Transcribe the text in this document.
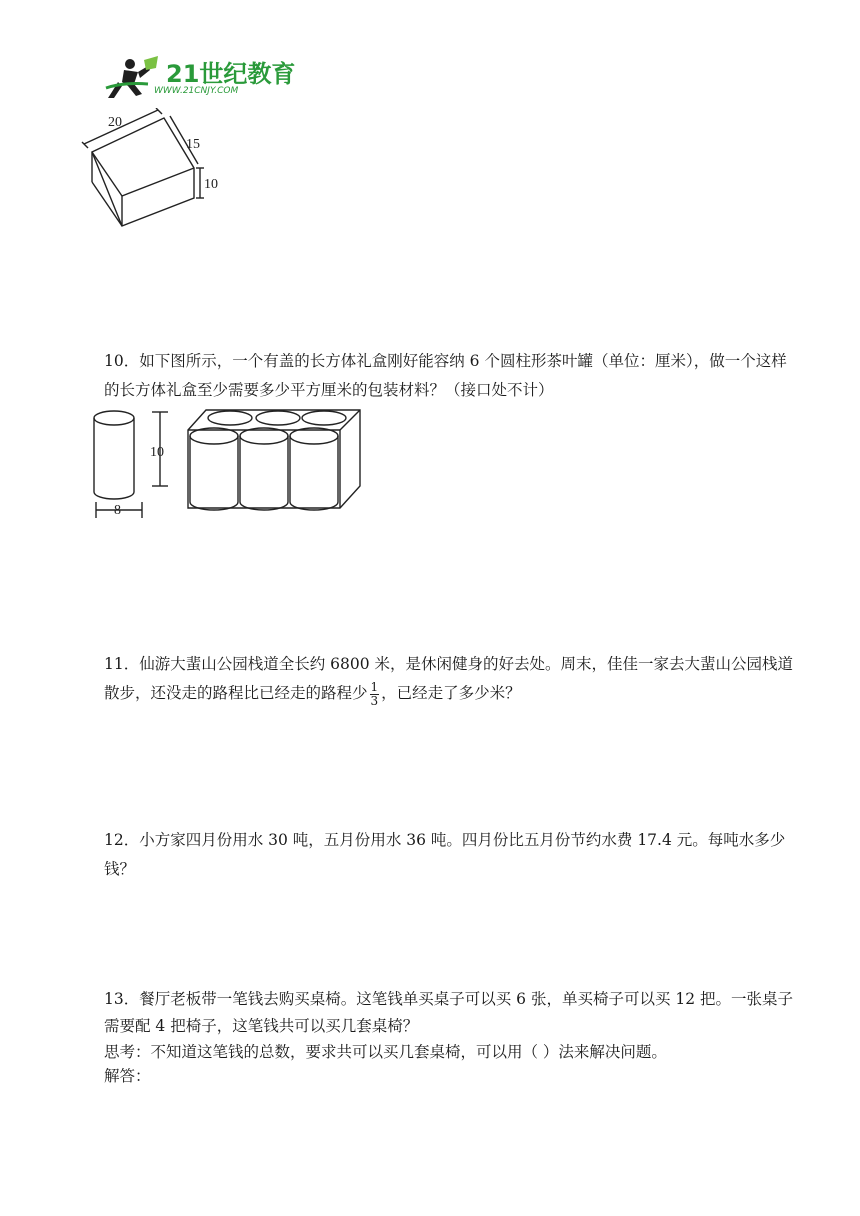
21世纪教育
WWW.21CNJY.COM
20
15
10
10．如下图所示，一个有盖的长方体礼盒刚好能容纳 6 个圆柱形茶叶罐（单位：厘米），做一个这样的长方体礼盒至少需要多少平方厘米的包装材料？（接口处不计）
10
8
11．仙游大蜚山公园栈道全长约 6800 米，是休闲健身的好去处。周末，佳佳一家去大蜚山公园栈道散步，还没走的路程比已经走的路程少 $\frac{1}{3}$ ，已经走了多少米？
12．小方家四月份用水 30 吨，五月份用水 36 吨。四月份比五月份节约水费 17.4 元。每吨水多少钱？
13．餐厅老板带一笔钱去购买桌椅。这笔钱单买桌子可以买 6 张，单买椅子可以买 12 把。一张桌子需要配 4 把椅子，这笔钱共可以买几套桌椅？
思考：不知道这笔钱的总数，要求共可以买几套桌椅，可以用（ ）法来解决问题。
解答：
